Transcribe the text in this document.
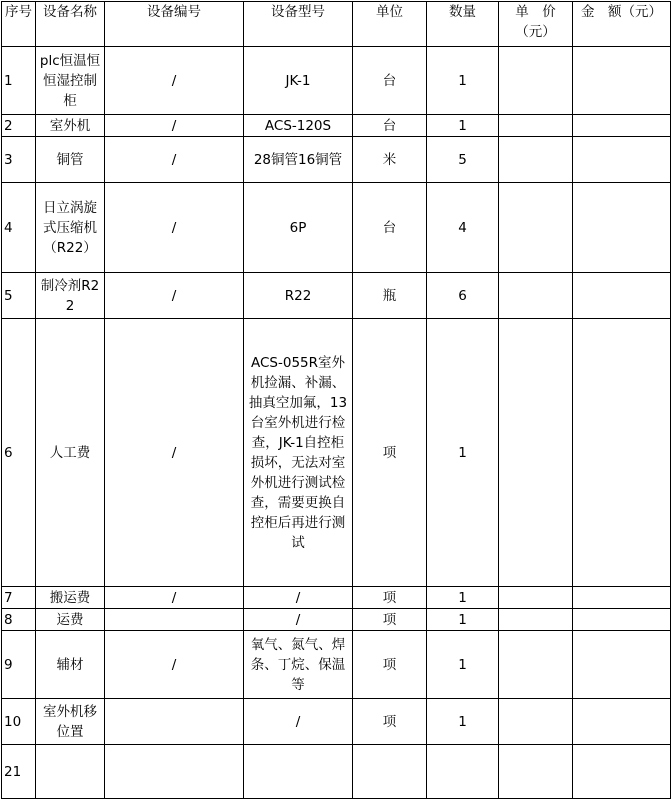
序号	设备名称	设备编号	设备型号	单位	数量	单　价（元）	金　额（元）
1	plc恒温恒恒湿控制柜	/	JK-1	台	1		
2	室外机	/	ACS-120S	台	1		
3	铜管	/	28铜管16铜管	米	5		
4	日立涡旋式压缩机（R22）	/	6P	台	4		
5	制冷剂R22	/	R22	瓶	6		
6	人工费	/	ACS-055R室外机捡漏、补漏、抽真空加氟，13台室外机进行检查，JK-1自控柜损坏，无法对室外机进行测试检查，需要更换自控柜后再进行测试	项	1		
7	搬运费	/	/	项	1		
8	运费		/	项	1		
9	辅材	/	氧气、氮气、焊条、丁烷、保温等	项	1		
10	室外机移位置		/	项	1		
21							
